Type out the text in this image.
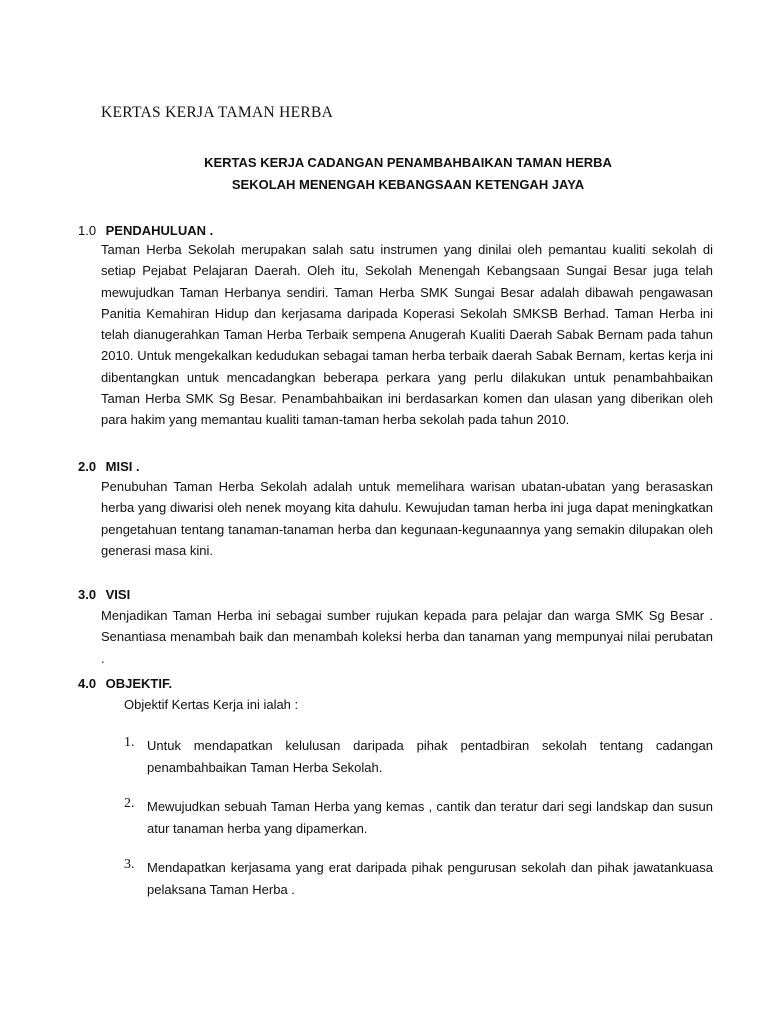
KERTAS KERJA TAMAN HERBA

KERTAS KERJA CADANGAN PENAMBAHBAIKAN TAMAN HERBA

SEKOLAH MENENGAH KEBANGSAAN KETENGAH JAYA

1.0 PENDAHULUAN .

Taman Herba Sekolah merupakan salah satu instrumen yang dinilai oleh pemantau kualiti sekolah di setiap Pejabat Pelajaran Daerah. Oleh itu, Sekolah Menengah Kebangsaan Sungai Besar juga telah mewujudkan Taman Herbanya sendiri. Taman Herba SMK Sungai Besar adalah dibawah pengawasan Panitia Kemahiran Hidup dan kerjasama daripada Koperasi Sekolah SMKSB Berhad. Taman Herba ini telah dianugerahkan Taman Herba Terbaik sempena Anugerah Kualiti Daerah Sabak Bernam pada tahun 2010. Untuk mengekalkan kedudukan sebagai taman herba terbaik daerah Sabak Bernam, kertas kerja ini dibentangkan untuk mencadangkan beberapa perkara yang perlu dilakukan untuk penambahbaikan Taman Herba SMK Sg Besar. Penambahbaikan ini berdasarkan komen dan ulasan yang diberikan oleh para hakim yang memantau kualiti taman-taman herba sekolah pada tahun 2010.

2.0 MISI .

Penubuhan Taman Herba Sekolah adalah untuk memelihara warisan ubatan-ubatan yang berasaskan herba yang diwarisi oleh nenek moyang kita dahulu. Kewujudan taman herba ini juga dapat meningkatkan pengetahuan tentang tanaman-tanaman herba dan kegunaan-kegunaannya yang semakin dilupakan oleh generasi masa kini.

3.0 VISI

Menjadikan Taman Herba ini sebagai sumber rujukan kepada para pelajar dan warga SMK Sg Besar . Senantiasa menambah baik dan menambah koleksi herba dan tanaman yang mempunyai nilai perubatan .

4.0 OBJEKTIF.

Objektif Kertas Kerja ini ialah :

1. Untuk mendapatkan kelulusan daripada pihak pentadbiran sekolah tentang cadangan penambahbaikan Taman Herba Sekolah.
2. Mewujudkan sebuah Taman Herba yang kemas , cantik dan teratur dari segi landskap dan susun atur tanaman herba yang dipamerkan.
3. Mendapatkan kerjasama yang erat daripada pihak pengurusan sekolah dan pihak jawatankuasa pelaksana Taman Herba .
